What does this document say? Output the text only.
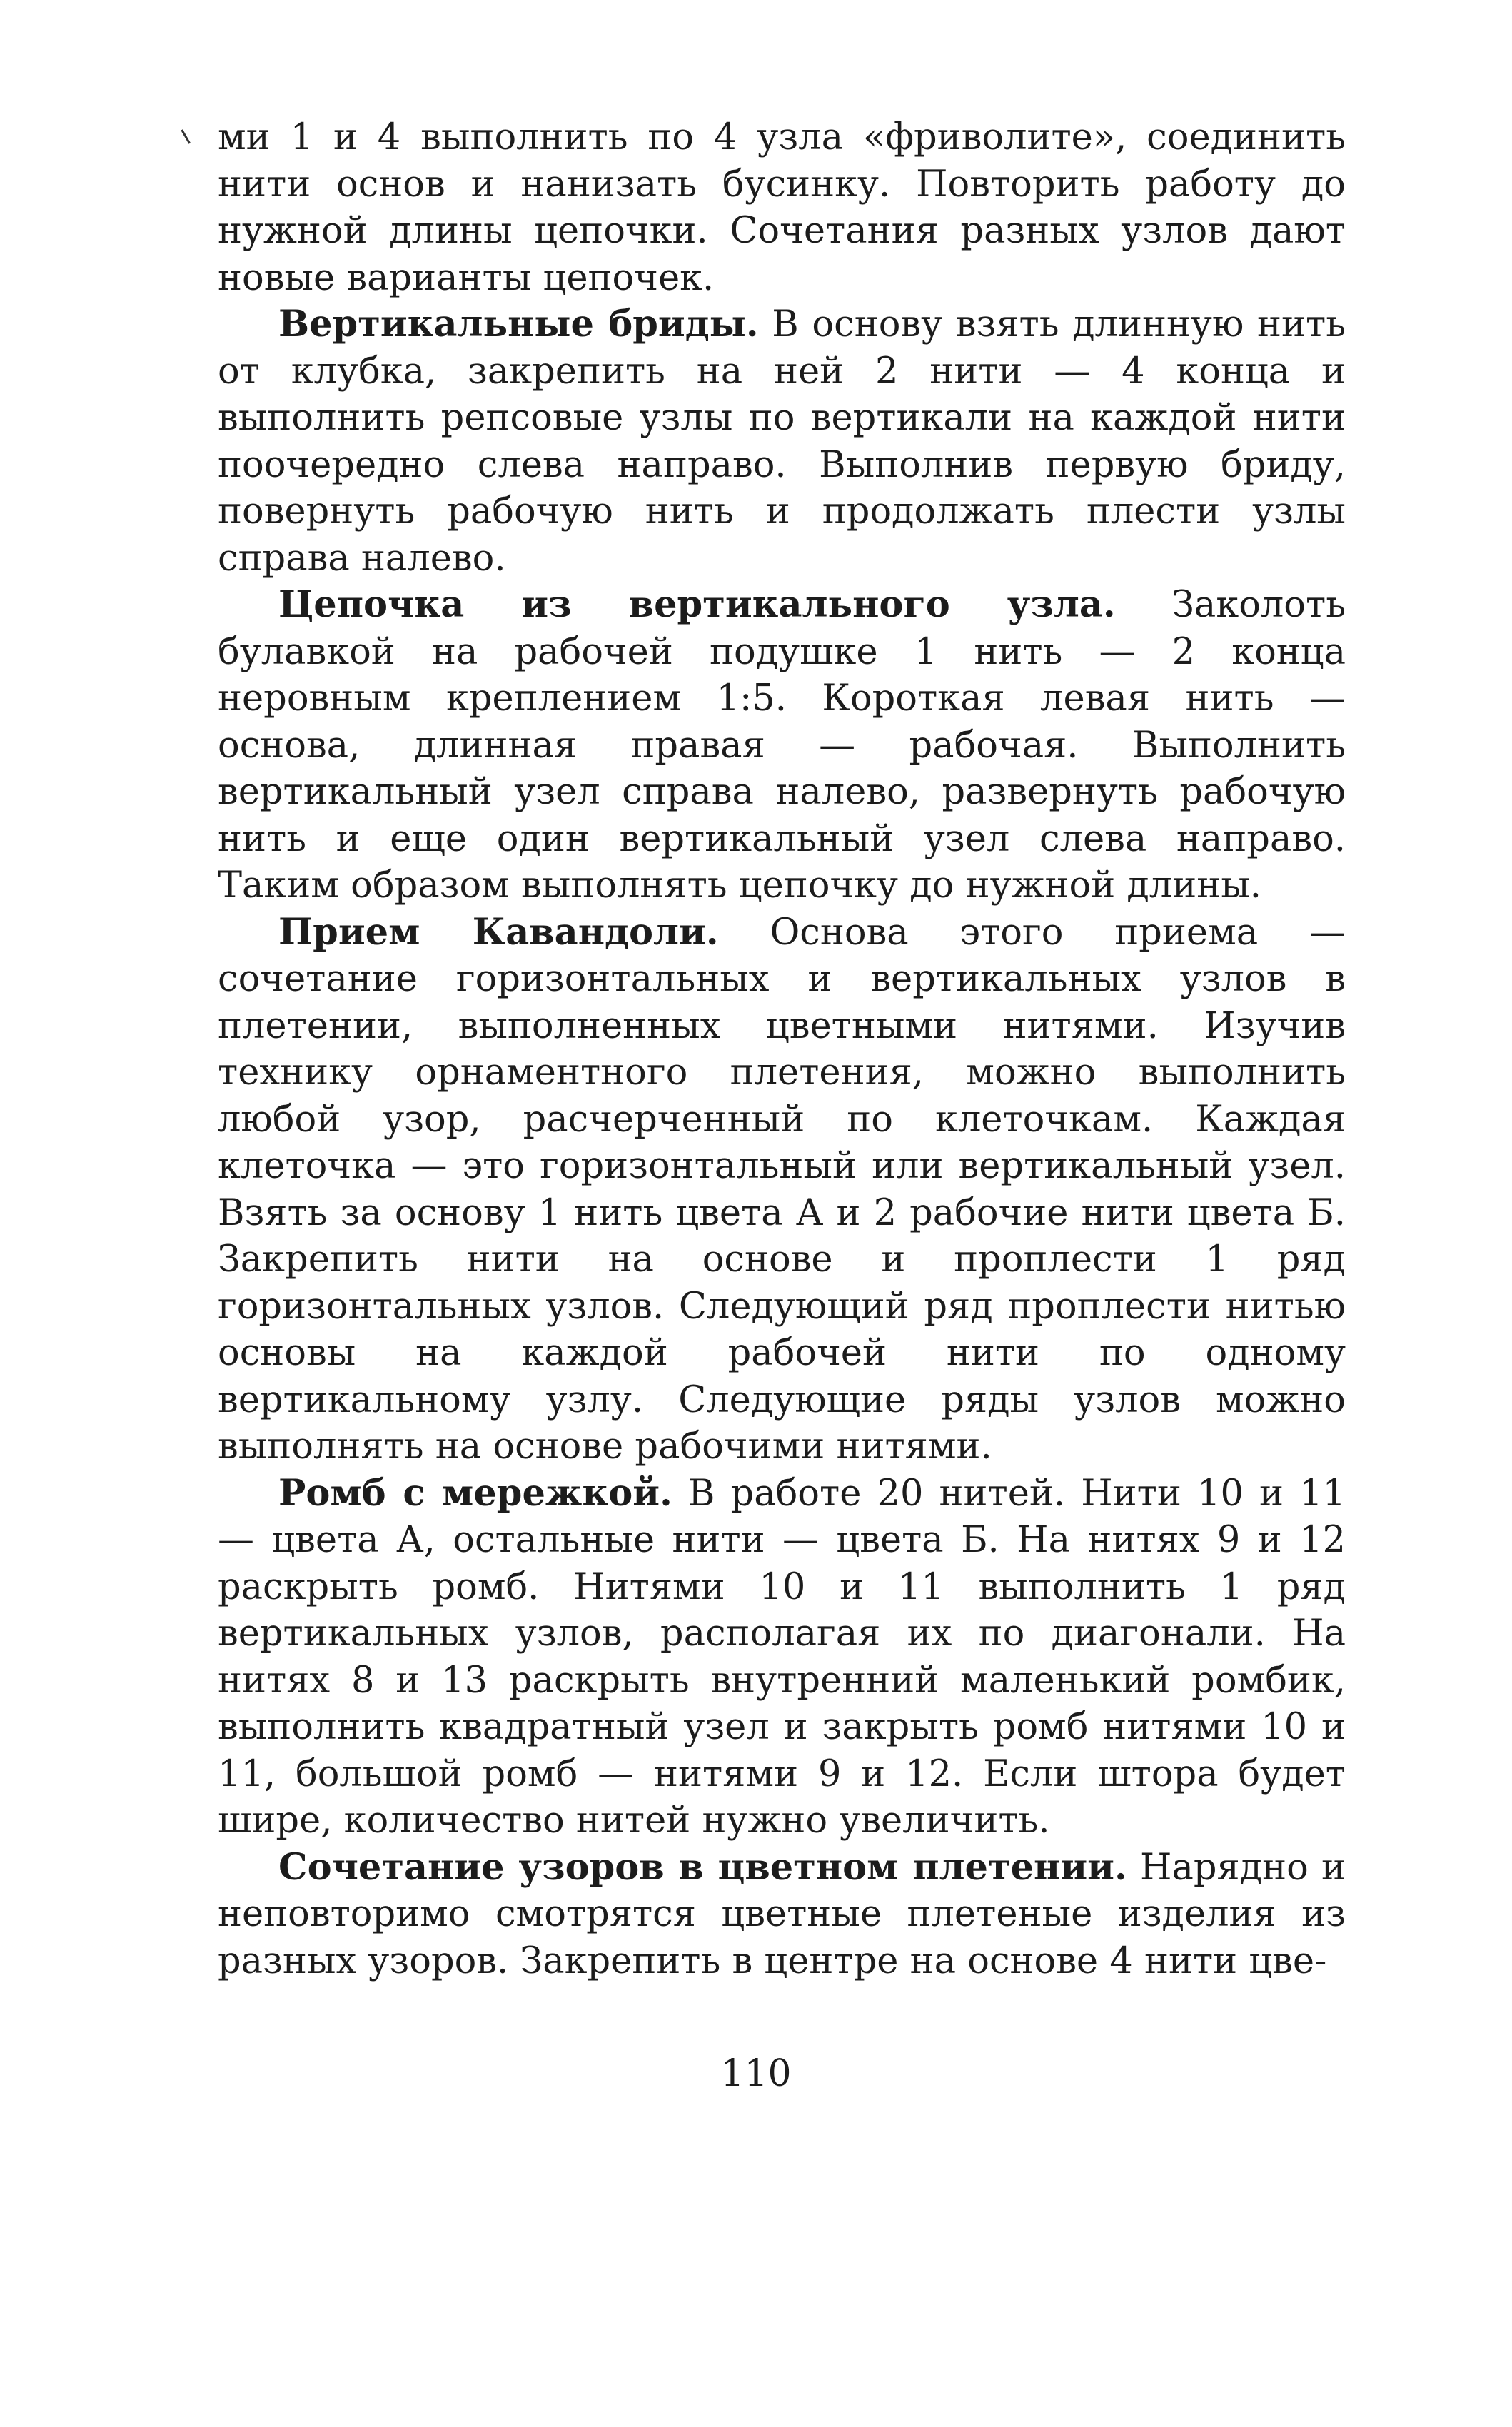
ми 1 и 4 выполнить по 4 узла «фриволите», соединить нити основ и нанизать бусинку. Повторить работу до нужной длины цепочки. Сочетания разных узлов дают новые варианты цепочек.

Вертикальные бриды. В основу взять длинную нить от клубка, закрепить на ней 2 нити — 4 конца и выполнить репсовые узлы по вертикали на каждой нити поочередно слева направо. Выполнив первую бриду, повернуть рабочую нить и продолжать плести узлы справа налево.

Цепочка из вертикального узла. Заколоть булавкой на рабочей подушке 1 нить — 2 конца неровным креплением 1:5. Короткая левая нить — основа, длинная правая — рабочая. Выполнить вертикальный узел справа налево, развернуть рабочую нить и еще один вертикальный узел слева направо. Таким образом выполнять цепочку до нужной длины.

Прием Кавандоли. Основа этого приема — сочетание горизонтальных и вертикальных узлов в плетении, выполненных цветными нитями. Изучив технику орнаментного плетения, можно выполнить любой узор, расчерченный по клеточкам. Каждая клеточка — это горизонтальный или вертикальный узел. Взять за основу 1 нить цвета А и 2 рабочие нити цвета Б. Закрепить нити на основе и проплести 1 ряд горизонтальных узлов. Следующий ряд проплести нитью основы на каждой рабочей нити по одному вертикальному узлу. Следующие ряды узлов можно выполнять на основе рабочими нитями.

Ромб с мережкой. В работе 20 нитей. Нити 10 и 11 — цвета А, остальные нити — цвета Б. На нитях 9 и 12 раскрыть ромб. Нитями 10 и 11 выполнить 1 ряд вертикальных узлов, располагая их по диагонали. На нитях 8 и 13 раскрыть внутренний маленький ромбик, выполнить квадратный узел и закрыть ромб нитями 10 и 11, большой ромб — нитями 9 и 12. Если штора будет шире, количество нитей нужно увеличить.

Сочетание узоров в цветном плетении. Нарядно и неповторимо смотрятся цветные плетеные изделия из разных узоров. Закрепить в центре на основе 4 нити цве-

110
